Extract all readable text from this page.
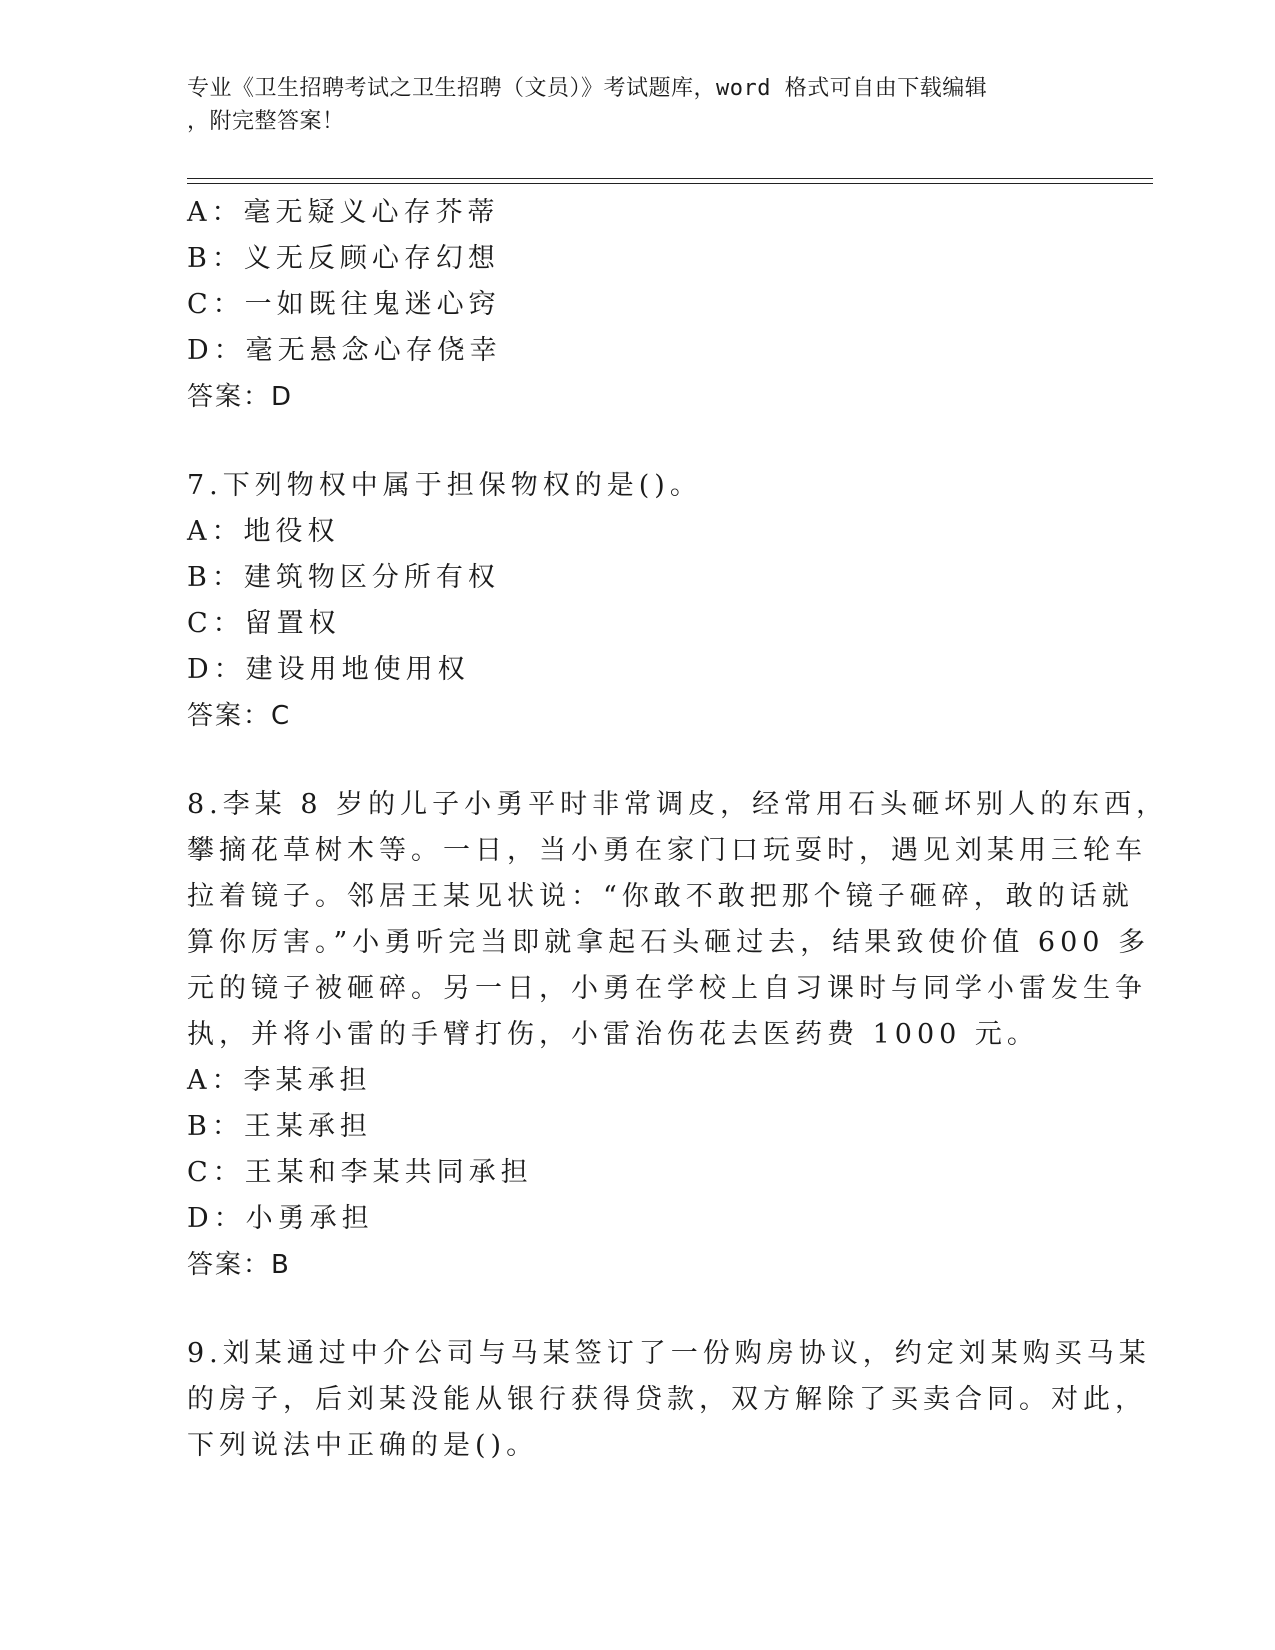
专业《卫生招聘考试之卫生招聘（文员）》考试题库，word 格式可自由下载编辑
，附完整答案！
A：毫无疑义心存芥蒂
B：义无反顾心存幻想
C：一如既往鬼迷心窍
D：毫无悬念心存侥幸
答案：D
7.下列物权中属于担保物权的是()。
A：地役权
B：建筑物区分所有权
C：留置权
D：建设用地使用权
答案：C
8.李某 8 岁的儿子小勇平时非常调皮，经常用石头砸坏别人的东西，
攀摘花草树木等。一日，当小勇在家门口玩耍时，遇见刘某用三轮车
拉着镜子。邻居王某见状说：“你敢不敢把那个镜子砸碎，敢的话就
算你厉害。”小勇听完当即就拿起石头砸过去，结果致使价值 600 多
元的镜子被砸碎。另一日，小勇在学校上自习课时与同学小雷发生争
执，并将小雷的手臂打伤，小雷治伤花去医药费 1000 元。
A：李某承担
B：王某承担
C：王某和李某共同承担
D：小勇承担
答案：B
9.刘某通过中介公司与马某签订了一份购房协议，约定刘某购买马某
的房子，后刘某没能从银行获得贷款，双方解除了买卖合同。对此，
下列说法中正确的是()。
